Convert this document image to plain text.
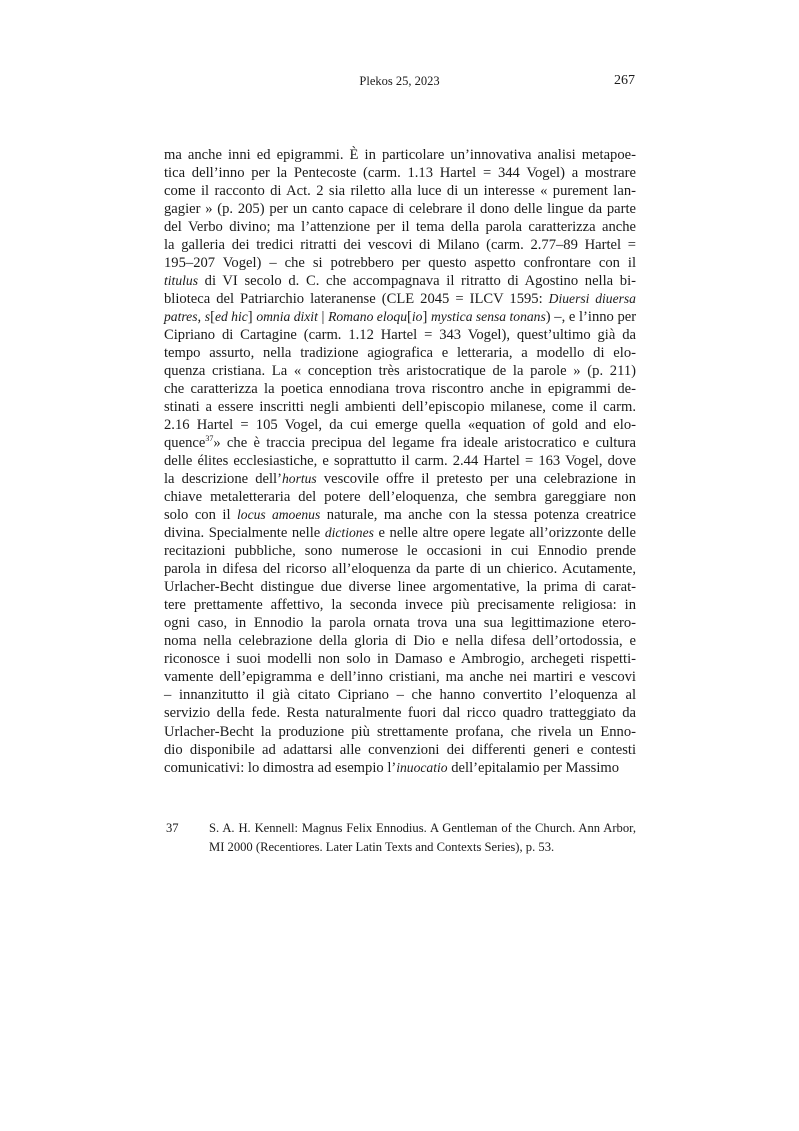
Plekos 25, 2023	267
ma anche inni ed epigrammi. È in particolare un’innovativa analisi metapoe-
tica dell’inno per la Pentecoste (carm. 1.13 Hartel = 344 Vogel) a mostrare
come il racconto di Act. 2 sia riletto alla luce di un interesse « purement lan-
gagier » (p. 205) per un canto capace di celebrare il dono delle lingue da parte
del Verbo divino; ma l’attenzione per il tema della parola caratterizza anche
la galleria dei tredici ritratti dei vescovi di Milano (carm. 2.77–89 Hartel =
195–207 Vogel) – che si potrebbero per questo aspetto confrontare con il
titulus di VI secolo d. C. che accompagnava il ritratto di Agostino nella bi-
blioteca del Patriarchio lateranense (CLE 2045 = ILCV 1595: Diuersi diuersa
patres, s[ed hic] omnia dixit | Romano eloqu[io] mystica sensa tonans) –, e l’inno per
Cipriano di Cartagine (carm. 1.12 Hartel = 343 Vogel), quest’ultimo già da
tempo assurto, nella tradizione agiografica e letteraria, a modello di elo-
quenza cristiana. La « conception très aristocratique de la parole » (p. 211)
che caratterizza la poetica ennodiana trova riscontro anche in epigrammi de-
stinati a essere inscritti negli ambienti dell’episcopio milanese, come il carm.
2.16 Hartel = 105 Vogel, da cui emerge quella «equation of gold and elo-
quence$^{37}$» che è traccia precipua del legame fra ideale aristocratico e cultura
delle élites ecclesiastiche, e soprattutto il carm. 2.44 Hartel = 163 Vogel, dove
la descrizione dell’hortus vescovile offre il pretesto per una celebrazione in
chiave metaletteraria del potere dell’eloquenza, che sembra gareggiare non
solo con il locus amoenus naturale, ma anche con la stessa potenza creatrice
divina. Specialmente nelle dictiones e nelle altre opere legate all’orizzonte delle
recitazioni pubbliche, sono numerose le occasioni in cui Ennodio prende
parola in difesa del ricorso all’eloquenza da parte di un chierico. Acutamente,
Urlacher-Becht distingue due diverse linee argomentative, la prima di carat-
tere prettamente affettivo, la seconda invece più precisamente religiosa: in
ogni caso, in Ennodio la parola ornata trova una sua legittimazione etero-
noma nella celebrazione della gloria di Dio e nella difesa dell’ortodossia, e
riconosce i suoi modelli non solo in Damaso e Ambrogio, archegeti rispetti-
vamente dell’epigramma e dell’inno cristiani, ma anche nei martiri e vescovi
– innanzitutto il già citato Cipriano – che hanno convertito l’eloquenza al
servizio della fede. Resta naturalmente fuori dal ricco quadro tratteggiato da
Urlacher-Becht la produzione più strettamente profana, che rivela un Enno-
dio disponibile ad adattarsi alle convenzioni dei differenti generi e contesti
comunicativi: lo dimostra ad esempio l’inuocatio dell’epitalamio per Massimo
37 S. A. H. Kennell: Magnus Felix Ennodius. A Gentleman of the Church. Ann Arbor,
MI 2000 (Recentiores. Later Latin Texts and Contexts Series), p. 53.
